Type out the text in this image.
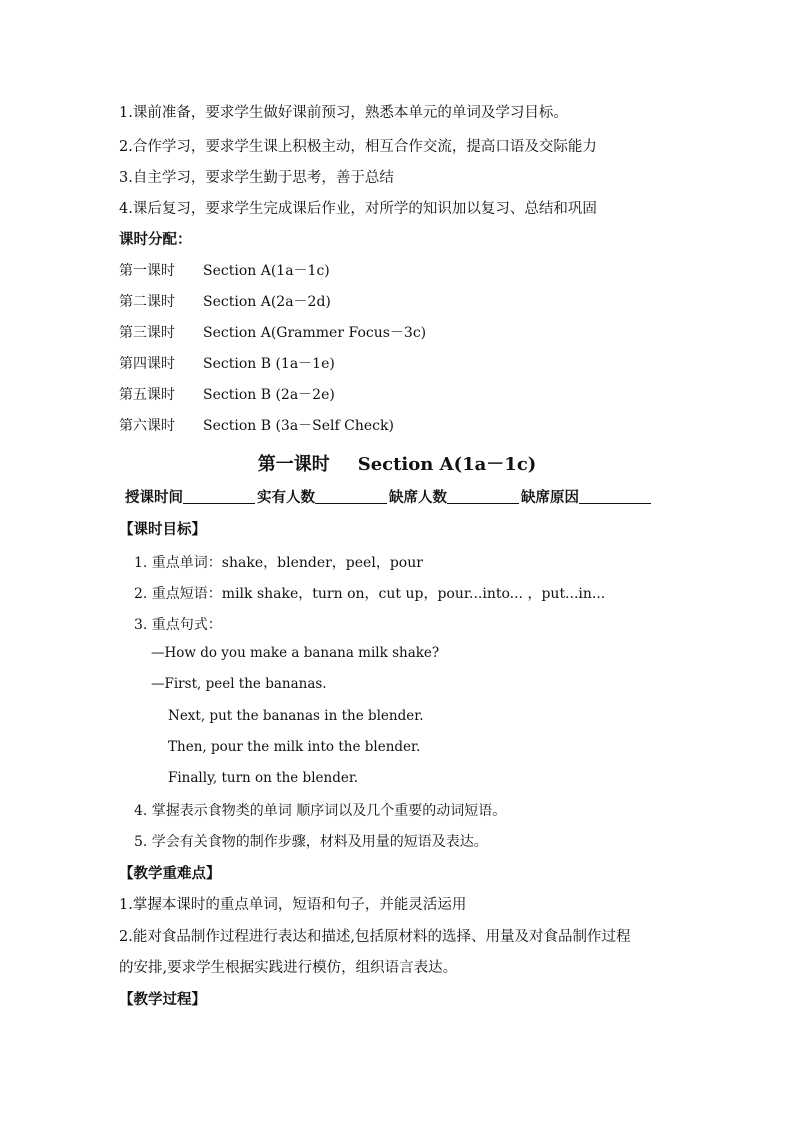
1.课前准备，要求学生做好课前预习，熟悉本单元的单词及学习目标。
2.合作学习，要求学生课上积极主动，相互合作交流，提高口语及交际能力
3.自主学习，要求学生勤于思考，善于总结
4.课后复习，要求学生完成课后作业，对所学的知识加以复习、总结和巩固
课时分配：
第一课时 Section A(1a－1c)
第二课时 Section A(2a－2d)
第三课时 Section A(Grammer Focus－3c)
第四课时 Section B (1a－1e)
第五课时 Section B (2a－2e)
第六课时 Section B (3a－Self Check)
第一课时 Section A(1a－1c)
授课时间	实有人数	缺席人数	缺席原因
【课时目标】
1. 重点单词：shake，blender，peel，pour
2. 重点短语：milk shake，turn on，cut up，pour...into... ，put...in...
3. 重点句式：
—How do you make a banana milk shake?
—First, peel the bananas.
Next, put the bananas in the blender.
Then, pour the milk into the blender.
Finally, turn on the blender.
4. 掌握表示食物类的单词 顺序词以及几个重要的动词短语。
5. 学会有关食物的制作步骤，材料及用量的短语及表达。
【教学重难点】
1.掌握本课时的重点单词，短语和句子，并能灵活运用
2.能对食品制作过程进行表达和描述,包括原材料的选择、用量及对食品制作过程
的安排,要求学生根据实践进行模仿，组织语言表达。
【教学过程】
